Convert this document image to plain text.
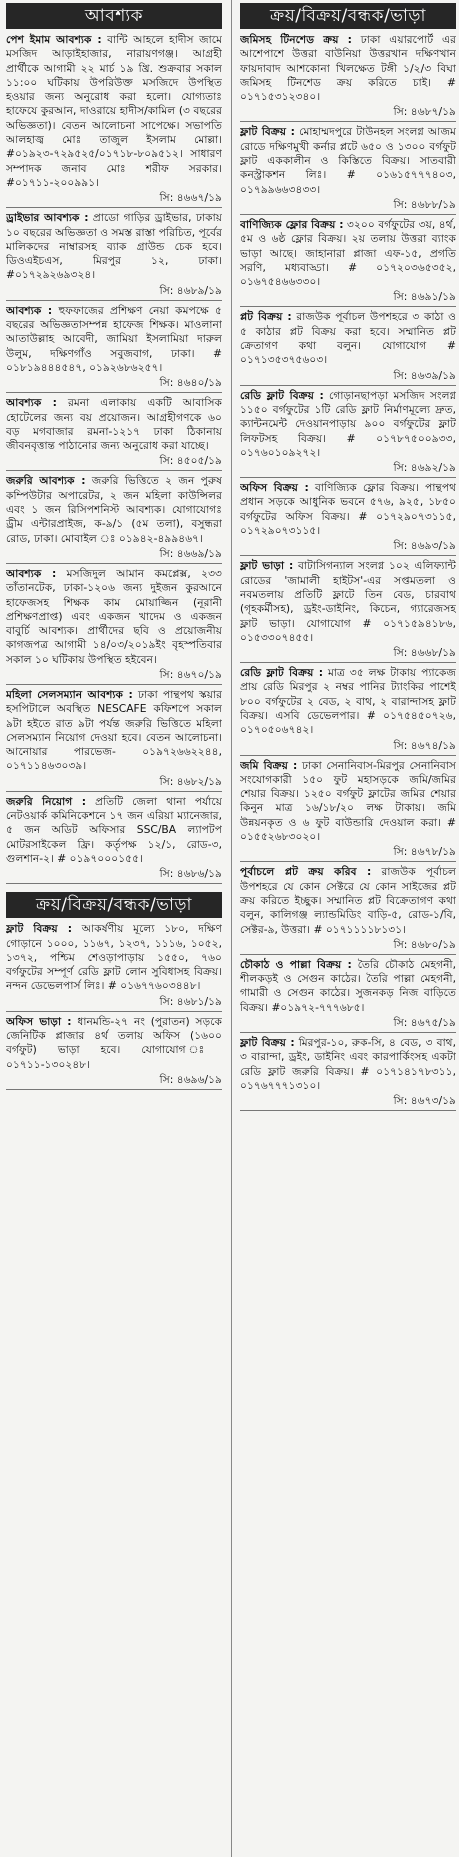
আবশ্যক
পেশ ইমাম আবশ্যক : বান্টি আহলে হাদীস জামে মসজিদ আড়াইহাজার, নারায়ণগঞ্জ। আগ্রহী প্রার্থীকে আগামী ২২ মার্চ ১৯ খ্রি. শুক্রবার সকাল ১১:০০ ঘটিকায় উপরিউক্ত মসজিদে উপস্থিত হওয়ার জন্য অনুরোধ করা হলো। যোগ্যতাঃ হাফেযে কুরআন, দাওরায়ে হাদীস/কামিল (৩ বছরের অভিজ্ঞতা)। বেতন আলোচনা সাপেক্ষে। সভাপতি আলহাজ্ব মোঃ তাজুল ইসলাম মোল্লা। #০১৯২৩-৭২৯৫২৫/০১৭১৮-৮০৯৫১২। সাধারণ সম্পাদক জনাব মোঃ শরীফ সরকার। #০১৭১১-২০০৯৯১।
সি: ৪৬৬৭/১৯
ড্রাইভার আবশ্যক : প্রাডো গাড়ির ড্রাইভার, ঢাকায় ১০ বছরের অভিজ্ঞতা ও সমস্ত রাস্তা পরিচিত, পূর্বের মালিকদের নাম্বারসহ ব্যাক গ্রাউন্ড চেক হবে। ডিওএইচএস, মিরপুর ১২, ঢাকা। #০১৭২৯২৬৯৩২৪।
সি: ৪৬৮৯/১৯
আবশ্যক : হুফফাজের প্রশিক্ষণ নেয়া কমপক্ষে ৫ বছরের অভিজ্ঞতাসম্পন্ন হাফেজ শিক্ষক। মাওলানা আতাউল্লাহ আবেদী, জামিয়া ইসলামিয়া দারুল উলুম, দক্ষিণগাঁও সবুজবাগ, ঢাকা। # ০১৮১৯৪৪৪৫৪৭, ০১৯২৬৮৬২৫৭।
সি: ৪৬৪০/১৯
আবশ্যক : রমনা এলাকায় একটি আবাসিক হোটেলের জন্য বয় প্রয়োজন। আগ্রহীগণকে ৬০ বড় মগবাজার রমনা-১২১৭ ঢাকা ঠিকানায় জীবনবৃত্তান্ত পাঠানোর জন্য অনুরোধ করা যাচ্ছে।
সি: ৪৫০৫/১৯
জরুরি আবশ্যক : জরুরি ভিত্তিতে ২ জন পুরুষ কম্পিউটার অপারেটর, ২ জন মহিলা কাউন্সিলর এবং ১ জন রিসিপশনিস্ট আবশ্যক। যোগাযোগঃ ড্রীম এন্টারপ্রাইজ, ক-৯/১ (৫ম তলা), বসুন্ধরা রোড, ঢাকা। মোবাইল ঃ ০১৯৪২-৪৯৯৪৬৭।
সি: ৪৬৬৯/১৯
আবশ্যক : মসজিদুল আমান কমপ্লেক্স, ২৩৩ তাঁতানটেক, ঢাকা-১২০৬ জন্য দুইজন কুরআনে হাফেজসহ শিক্ষক কাম মোয়াজ্জিন (নূরানী প্রশিক্ষণপ্রাপ্ত) এবং একজন খাদেম ও একজন বাবুর্চি আবশ্যক। প্রার্থীদের ছবি ও প্রয়োজনীয় কাগজপত্র আগামী ১৪/০৩/২০১৯ইং বৃহস্পতিবার সকাল ১০ ঘটিকায় উপস্থিত হইবেন।
সি: ৪৬৭০/১৯
মহিলা সেলসম্যান আবশ্যক : ঢাকা পান্থপথ স্কয়ার হসপিটালে অবস্থিত NESCAFE কফিশপে সকাল ৯টা হইতে রাত ৯টা পর্যন্ত জরুরি ভিত্তিতে মহিলা সেলসম্যান নিয়োগ দেওয়া হবে। বেতন আলোচনা। আনোয়ার পারভেজ- ০১৯৭২৬৬২২৪৪, ০১৭১১৪৬৩০৩৯।
সি: ৪৬৮২/১৯
জরুরি নিয়োগ : প্রতিটি জেলা থানা পর্যায়ে নেটওয়ার্ক কমিনিকেশনে ১৭ জন এরিয়া ম্যানেজার, ৫ জন অডিট অফিসার SSC/BA ল্যাপটপ মোটরসাইকেল ফ্রি। কর্তৃপক্ষ ১২/১, রোড-৩, গুলশান-২। # ০১৯৭০০০১৫৫।
সি: ৪৬৮৬/১৯
ক্রয়/বিক্রয়/বন্ধক/ভাড়া
ফ্লাট বিক্রয় : আকর্ষণীয় মূল্যে ১৮০, দক্ষিণ গোড়ানে ১০০০, ১১৬৭, ১২৩৭, ১১১৬, ১০৫২, ১৩৭২, পশ্চিম শেওড়াপাড়ায় ১৫৫০, ৭৬০ বর্গফুটের সম্পূর্ণ রেডি ফ্লাট লোন সুবিধাসহ বিক্রয়। নন্দন ডেভেলপার্স লিঃ। # ০১৬৭৭৬০৩৪৪৮।
সি: ৪৬৮১/১৯
অফিস ভাড়া : ধানমন্ডি-২৭ নং (পুরাতন) সড়কে জেনিটিক প্লাজার ৪র্থ তলায় অফিস (১৬০০ বর্গফুট) ভাড়া হবে। যোগাযোগ ঃ ০১৭১১-১৩০২৪৮।
সি: ৪৬৯৬/১৯
ক্রয়/বিক্রয়/বন্ধক/ভাড়া
জমিসহ টিনশেড ক্রয় : ঢাকা এয়ারপোর্ট এর আশেপাশে উত্তরা বাউনিয়া উত্তরখান দক্ষিণখান ফায়দাবাদ আশকোনা খিলক্ষেত টঙ্গী ১/২/৩ বিঘা জমিসহ টিনশেড ক্রয় করিতে চাই। # ০১৭১৫৩১২৩৪০।
সি: ৪৬৮৭/১৯
ফ্লাট বিক্রয় : মোহাম্মদপুরে টাউনহল সংলগ্ন আজম রোডে দক্ষিণমুখী কর্নার প্লটে ৬৫০ ও ১৩০০ বর্গফুট ফ্লাট এককালীন ও কিস্তিতে বিক্রয়। সাতবারী কনস্ট্রাকশন লিঃ। # ০১৬১৫৭৭৭৪০৩, ০১৭৯৯৬৬৩৪৩৩।
সি: ৪৬৮৮/১৯
বাণিজ্যিক ফ্লোর বিক্রয় : ৩২০০ বর্গফুটের ৩য়, ৪র্থ, ৫ম ও ৬ষ্ঠ ফ্লোর বিক্রয়। ২য় তলায় উত্তরা ব্যাংক ভাড়া আছে। জাহানারা প্লাজা এফ-১৫, প্রগতি সরণি, মধ্যবাড্ডা। # ০১৭২০৩৬৫৩৫২, ০১৬৭৫৪৬৬৩৩০।
সি: ৪৬৯১/১৯
প্লট বিক্রয় : রাজউক পূর্বাচল উপশহরে ৩ কাঠা ও ৫ কাঠার প্লট বিক্রয় করা হবে। সম্মানিত প্লট ক্রেতাগণ কথা বলুন। যোগাযোগ # ০১৭১৩৫৩৭৫৬০৩।
সি: ৪৬৩৯/১৯
রেডি ফ্লাট বিক্রয় : গোড়ানছাপড়া মসজিদ সংলগ্ন ১১৫০ বর্গফুটের ১টি রেডি ফ্লাট নির্মাণমূল্যে দ্রুত, ক্যান্টনমেন্ট দেওয়ানপাড়ায় ৯০০ বর্গফুটের ফ্লাট লিফটসহ বিক্রয়। # ০১৭৮৭৫০০৯৩৩, ০১৭৬০১০৯২৭২।
সি: ৪৬৯২/১৯
অফিস বিক্রয় : বাণিজ্যিক ফ্লোর বিক্রয়। পান্থপথ প্রধান সড়কে আধুনিক ভবনে ৫৭৬, ৯২৫, ১৮৫০ বর্গফুটের অফিস বিক্রয়। # ০১৭২৯০৭৩১১৫, ০১৭২৯০৭৩১১৫।
সি: ৪৬৯৩/১৯
ফ্লাট ভাড়া : বাটাসিগন্যাল সংলগ্ন ১০২ এলিফ্যান্ট রোডের 'জামালী হাইটস'-এর সপ্তমতলা ও নবমতলায় প্রতিটি ফ্লাটে তিন বেড, চারবাথ (গৃহকর্মীসহ), ড্রইং-ডাইনিং, কিচেন, গ্যারেজসহ ফ্লাট ভাড়া। যোগাযোগ # ০১৭১৫৯৪১৮৬, ০১৫৩৩০৭৪৫৫।
সি: ৪৬৬৮/১৯
রেডি ফ্লাট বিক্রয় : মাত্র ৩৫ লক্ষ টাকায় প্যাকেজ প্রায় রেডি মিরপুর ২ নম্বর পানির ট্যাংকির পাশেই ৮০০ বর্গফুটের ২ বেড, ২ বাথ, ২ বারান্দাসহ ফ্লাট বিক্রয়। এসবি ডেভেলপার। # ০১৭৫৪৫০৭২৬, ০১৭০৫০৬৭৪২।
সি: ৪৬৭৪/১৯
জমি বিক্রয় : ঢাকা সেনানিবাস-মিরপুর সেনানিবাস সংযোগকারী ১৫০ ফুট মহাসড়কে জমি/জমির শেয়ার বিক্রয়। ১২৫০ বর্গফুট ফ্লাটের জমির শেয়ার কিনুন মাত্র ১৬/১৮/২০ লক্ষ টাকায়। জমি উন্নয়নকৃত ও ৬ ফুট বাউন্ডারি দেওয়াল করা। # ০১৫৫২৬৮৩০২০।
সি: ৪৬৭৮/১৯
পূর্বাচলে প্লট ক্রয় করিব : রাজউক পূর্বাচল উপশহরে যে কোন সেক্টরে যে কোন সাইজের প্লট ক্রয় করিতে ইচ্ছুক। সম্মানিত প্লট বিক্রেতাগণ কথা বলুন, কালিগঞ্জ ল্যান্ডমিডিং বাড়ি-৫, রোড-১/বি, সেক্টর-৯, উত্তরা। # ০১৭১১১১৮১৩১।
সি: ৪৬৮০/১৯
চৌকাঠ ও পাল্লা বিক্রয় : তৈরি চৌকাঠ মেহগনী, শীলকড়ই ও সেগুন কাঠের। তৈরি পাল্লা মেহগনী, গামারী ও সেগুন কাঠের। সুজনকড় নিজ বাড়িতে বিক্রয়। #০১৯৭২-৭৭৭৬৮৫।
সি: ৪৬৭৫/১৯
ফ্লাট বিক্রয় : মিরপুর-১০, রুক-সি, ৪ বেড, ৩ বাথ, ৩ বারান্দা, ড্রইং, ডাইনিং এবং কারপার্কিংসহ একটা রেডি ফ্লাট জরুরি বিক্রয়। # ০১৭১৪১৭৮৩১১, ০১৭৬৭৭৭১৩১০।
সি: ৪৬৭৩/১৯
